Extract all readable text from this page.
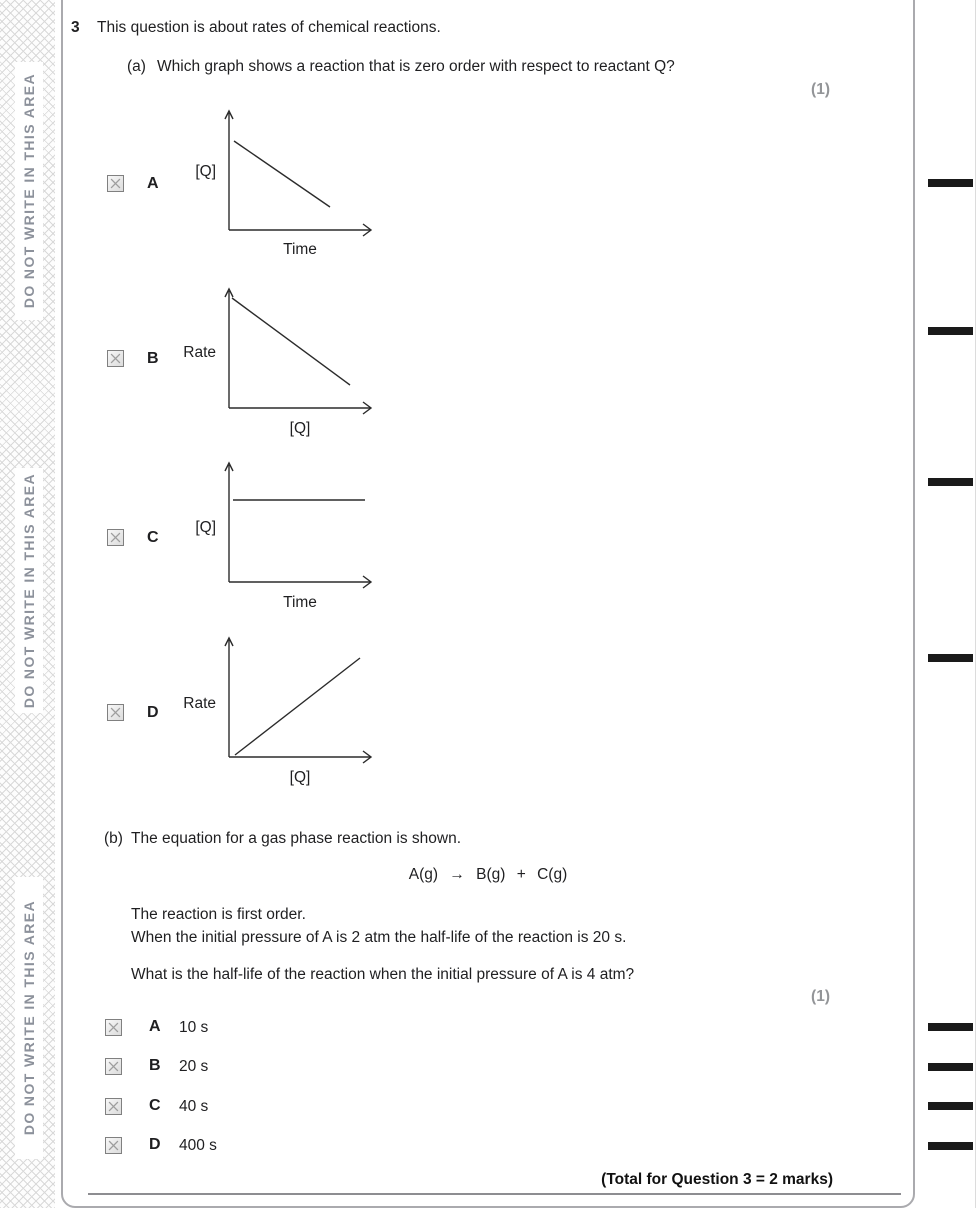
DO NOT WRITE IN THIS AREA
DO NOT WRITE IN THIS AREA
DO NOT WRITE IN THIS AREA
3 This question is about rates of chemical reactions.
(a) Which graph shows a reaction that is zero order with respect to reactant Q?
(1)
A
[Q]
Time
B	Rate
[Q]
C
[Q]
Time
D
Rate
[Q]
(b) The equation for a gas phase reaction is shown.
A(g) → B(g) + C(g)
The reaction is first order.
When the initial pressure of A is 2 atm the half-life of the reaction is 20 s.
What is the half-life of the reaction when the initial pressure of A is 4 atm?
(1)
A 10 s
B 20 s
C 40 s
D 400 s
(Total for Question 3 = 2 marks)
